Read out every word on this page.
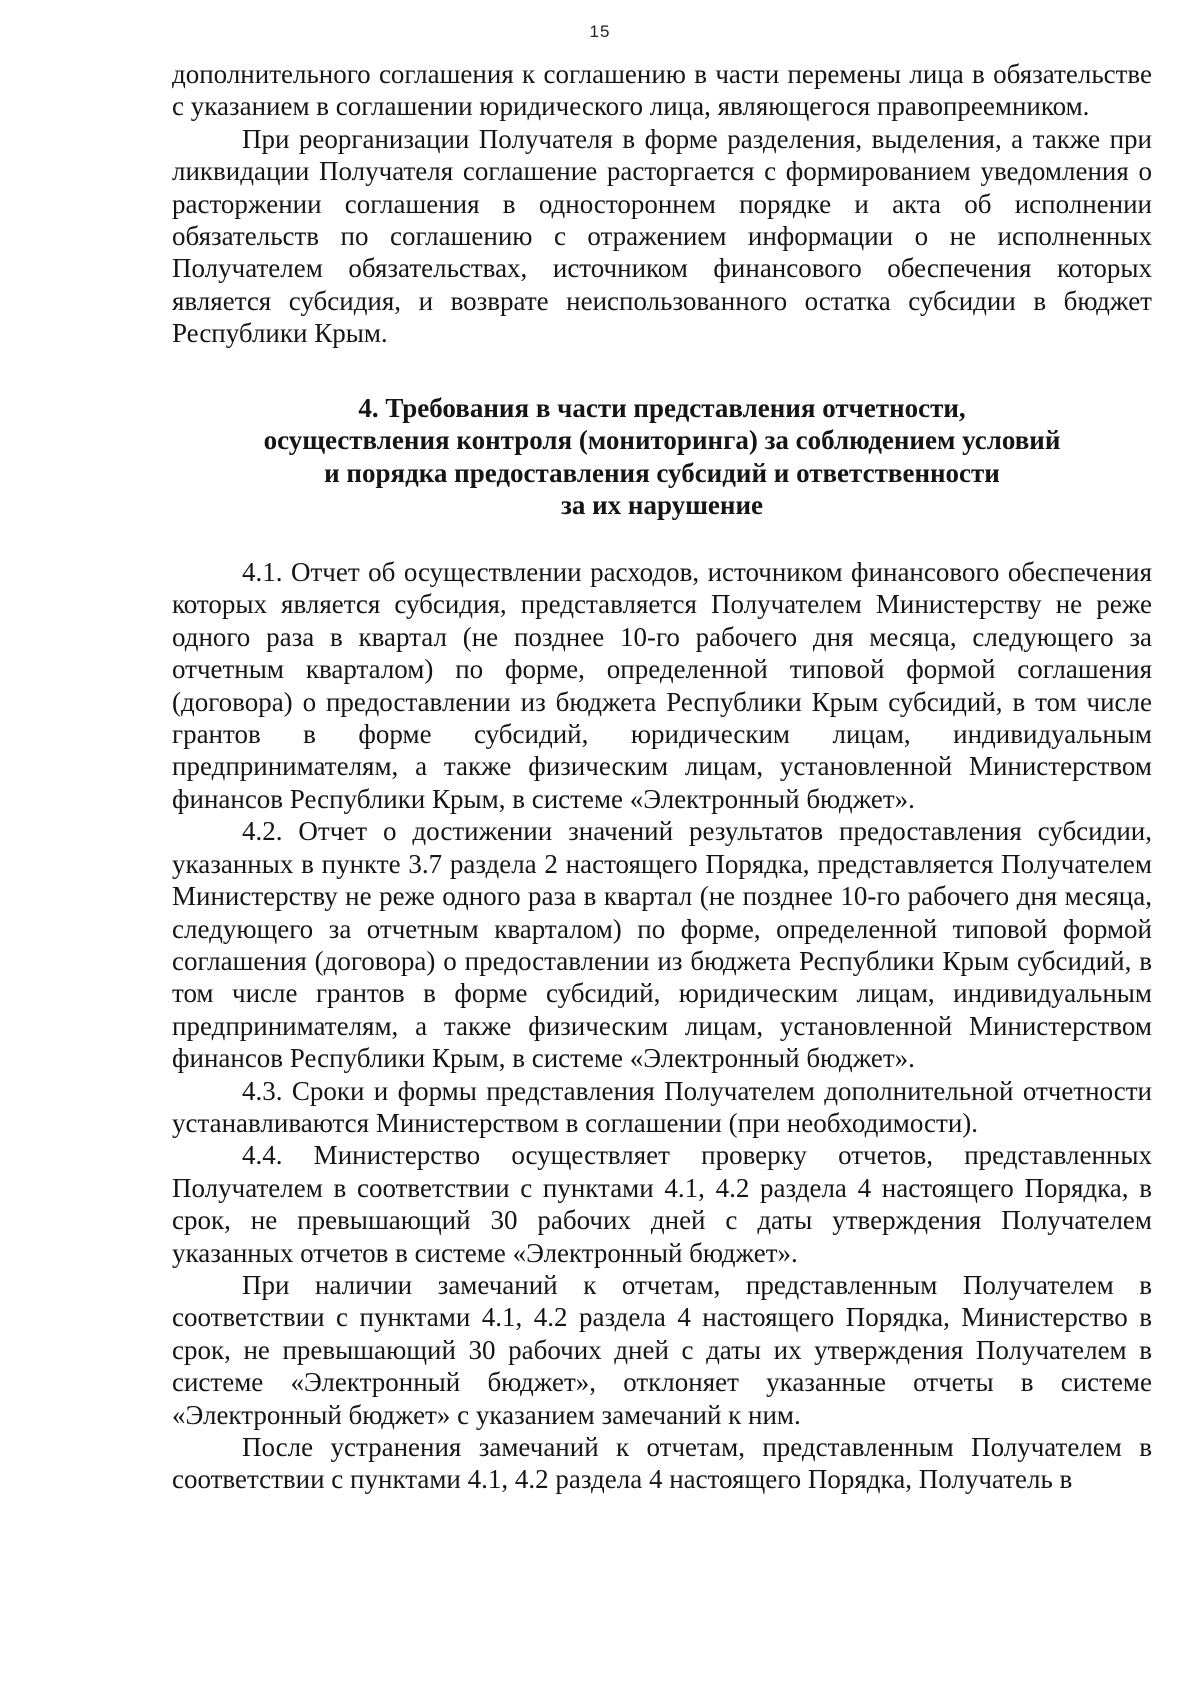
15

дополнительного соглашения к соглашению в части перемены лица в обязательстве с указанием в соглашении юридического лица, являющегося правопреемником.

При реорганизации Получателя в форме разделения, выделения, а также при ликвидации Получателя соглашение расторгается с формированием уведомления о расторжении соглашения в одностороннем порядке и акта об исполнении обязательств по соглашению с отражением информации о не исполненных Получателем обязательствах, источником финансового обеспечения которых является субсидия, и возврате неиспользованного остатка субсидии в бюджет Республики Крым.

4. Требования в части представления отчетности,
осуществления контроля (мониторинга) за соблюдением условий
и порядка предоставления субсидий и ответственности
за их нарушение

4.1. Отчет об осуществлении расходов, источником финансового обеспечения которых является субсидия, представляется Получателем Министерству не реже одного раза в квартал (не позднее 10-го рабочего дня месяца, следующего за отчетным кварталом) по форме, определенной типовой формой соглашения (договора) о предоставлении из бюджета Республики Крым субсидий, в том числе грантов в форме субсидий, юридическим лицам, индивидуальным предпринимателям, а также физическим лицам, установленной Министерством финансов Республики Крым, в системе «Электронный бюджет».

4.2. Отчет о достижении значений результатов предоставления субсидии, указанных в пункте 3.7 раздела 2 настоящего Порядка, представляется Получателем Министерству не реже одного раза в квартал (не позднее 10-го рабочего дня месяца, следующего за отчетным кварталом) по форме, определенной типовой формой соглашения (договора) о предоставлении из бюджета Республики Крым субсидий, в том числе грантов в форме субсидий, юридическим лицам, индивидуальным предпринимателям, а также физическим лицам, установленной Министерством финансов Республики Крым, в системе «Электронный бюджет».

4.3. Сроки и формы представления Получателем дополнительной отчетности устанавливаются Министерством в соглашении (при необходимости).

4.4. Министерство осуществляет проверку отчетов, представленных Получателем в соответствии с пунктами 4.1, 4.2 раздела 4 настоящего Порядка, в срок, не превышающий 30 рабочих дней с даты утверждения Получателем указанных отчетов в системе «Электронный бюджет».

При наличии замечаний к отчетам, представленным Получателем в соответствии с пунктами 4.1, 4.2 раздела 4 настоящего Порядка, Министерство в срок, не превышающий 30 рабочих дней с даты их утверждения Получателем в системе «Электронный бюджет», отклоняет указанные отчеты в системе «Электронный бюджет» с указанием замечаний к ним.

После устранения замечаний к отчетам, представленным Получателем в соответствии с пунктами 4.1, 4.2 раздела 4 настоящего Порядка, Получатель в
